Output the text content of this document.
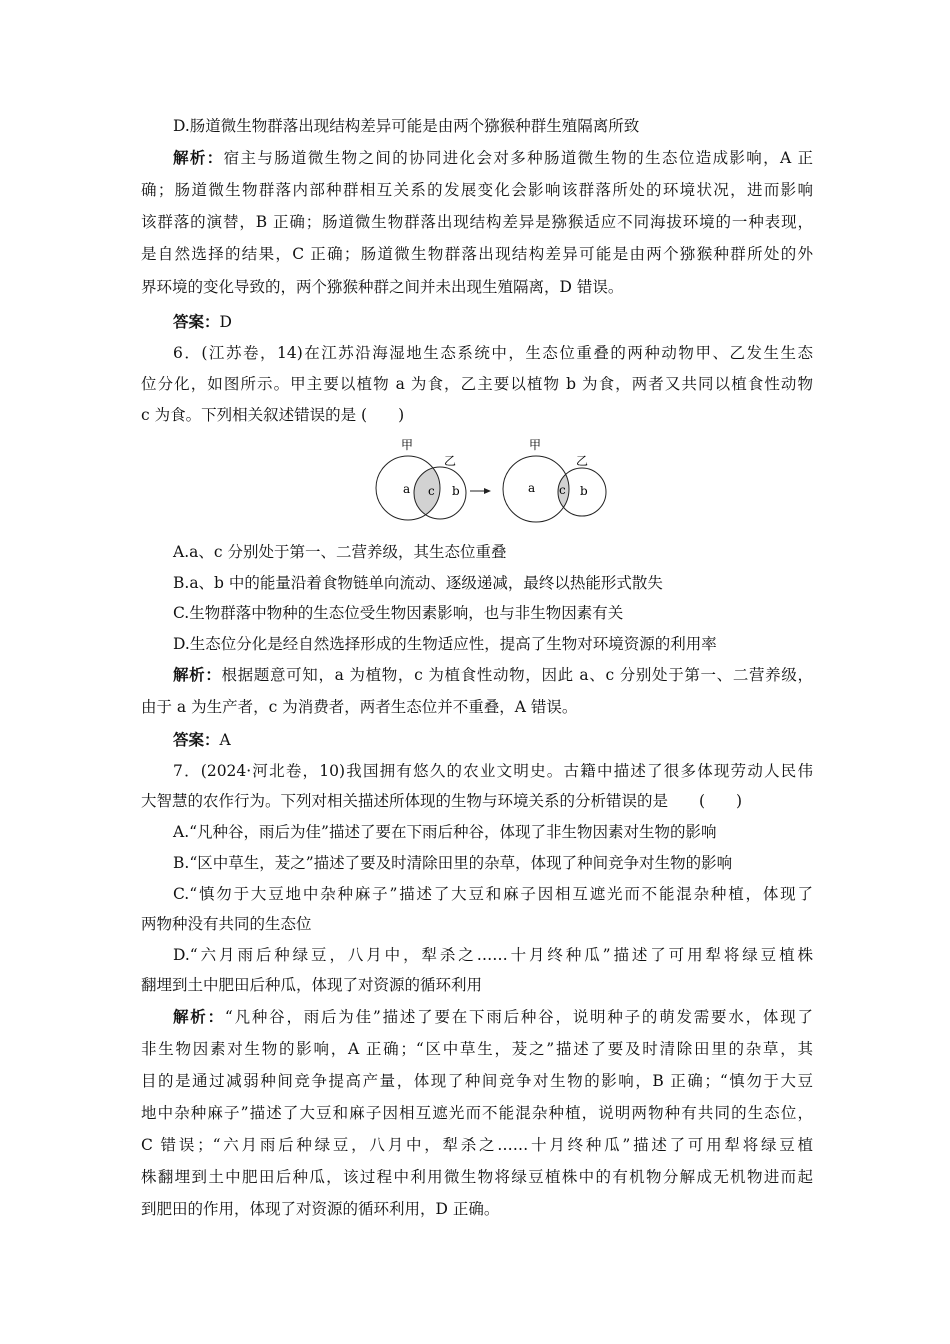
D.肠道微生物群落出现结构差异可能是由两个猕猴种群生殖隔离所致
解析：宿主与肠道微生物之间的协同进化会对多种肠道微生物的生态位造成影响，A 正
确；肠道微生物群落内部种群相互关系的发展变化会影响该群落所处的环境状况，进而影响
该群落的演替，B 正确；肠道微生物群落出现结构差异是猕猴适应不同海拔环境的一种表现，
是自然选择的结果，C 正确；肠道微生物群落出现结构差异可能是由两个猕猴种群所处的外
界环境的变化导致的，两个猕猴种群之间并未出现生殖隔离，D 错误。
答案：D
6．(江苏卷，14)在江苏沿海湿地生态系统中，生态位重叠的两种动物甲、乙发生生态
位分化，如图所示。甲主要以植物 a 为食，乙主要以植物 b 为食，两者又共同以植食性动物
c 为食。下列相关叙述错误的是 (　　)
甲
乙
a c b
甲
乙
a c b
A.a、c 分别处于第一、二营养级，其生态位重叠
B.a、b 中的能量沿着食物链单向流动、逐级递减，最终以热能形式散失
C.生物群落中物种的生态位受生物因素影响，也与非生物因素有关
D.生态位分化是经自然选择形成的生物适应性，提高了生物对环境资源的利用率
解析：根据题意可知，a 为植物，c 为植食性动物，因此 a、c 分别处于第一、二营养级，
由于 a 为生产者，c 为消费者，两者生态位并不重叠，A 错误。
答案：A
7．(2024·河北卷，10)我国拥有悠久的农业文明史。古籍中描述了很多体现劳动人民伟
大智慧的农作行为。下列对相关描述所体现的生物与环境关系的分析错误的是　　(　　)
A.“凡种谷，雨后为佳”描述了要在下雨后种谷，体现了非生物因素对生物的影响
B.“区中草生，茇之”描述了要及时清除田里的杂草，体现了种间竞争对生物的影响
C.“慎勿于大豆地中杂种麻子”描述了大豆和麻子因相互遮光而不能混杂种植，体现了
两物种没有共同的生态位
D.“六月雨后种绿豆，八月中，犁杀之……十月终种瓜”描述了可用犁将绿豆植株
翻埋到土中肥田后种瓜，体现了对资源的循环利用
解析：“凡种谷，雨后为佳”描述了要在下雨后种谷，说明种子的萌发需要水，体现了
非生物因素对生物的影响，A 正确；“区中草生，茇之”描述了要及时清除田里的杂草，其
目的是通过减弱种间竞争提高产量，体现了种间竞争对生物的影响，B 正确；“慎勿于大豆
地中杂种麻子”描述了大豆和麻子因相互遮光而不能混杂种植，说明两物种有共同的生态位，
C 错误；“六月雨后种绿豆，八月中，犁杀之……十月终种瓜”描述了可用犁将绿豆植
株翻埋到土中肥田后种瓜，该过程中利用微生物将绿豆植株中的有机物分解成无机物进而起
到肥田的作用，体现了对资源的循环利用，D 正确。
